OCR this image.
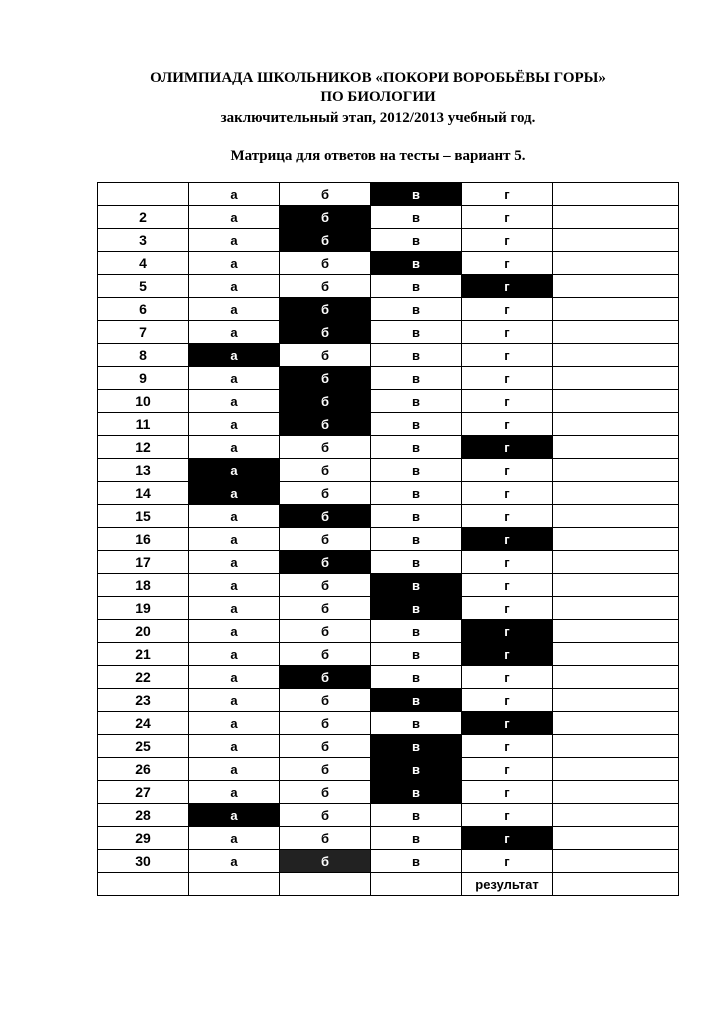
ОЛИМПИАДА ШКОЛЬНИКОВ «ПОКОРИ ВОРОБЬЁВЫ ГОРЫ»

ПО БИОЛОГИИ

заключительный этап, 2012/2013 учебный год.

Матрица для ответов на тесты – вариант 5.

	а	б	в	г	
2	а	б	в	г	
3	а	б	в	г	
4	а	б	в	г	
5	а	б	в	г	
6	а	б	в	г	
7	а	б	в	г	
8	а	б	в	г	
9	а	б	в	г	
10	а	б	в	г	
11	а	б	в	г	
12	а	б	в	г	
13	а	б	в	г	
14	а	б	в	г	
15	а	б	в	г	
16	а	б	в	г	
17	а	б	в	г	
18	а	б	в	г	
19	а	б	в	г	
20	а	б	в	г	
21	а	б	в	г	
22	а	б	в	г	
23	а	б	в	г	
24	а	б	в	г	
25	а	б	в	г	
26	а	б	в	г	
27	а	б	в	г	
28	а	б	в	г	
29	а	б	в	г	
30	а	б	в	г	
				результат	
